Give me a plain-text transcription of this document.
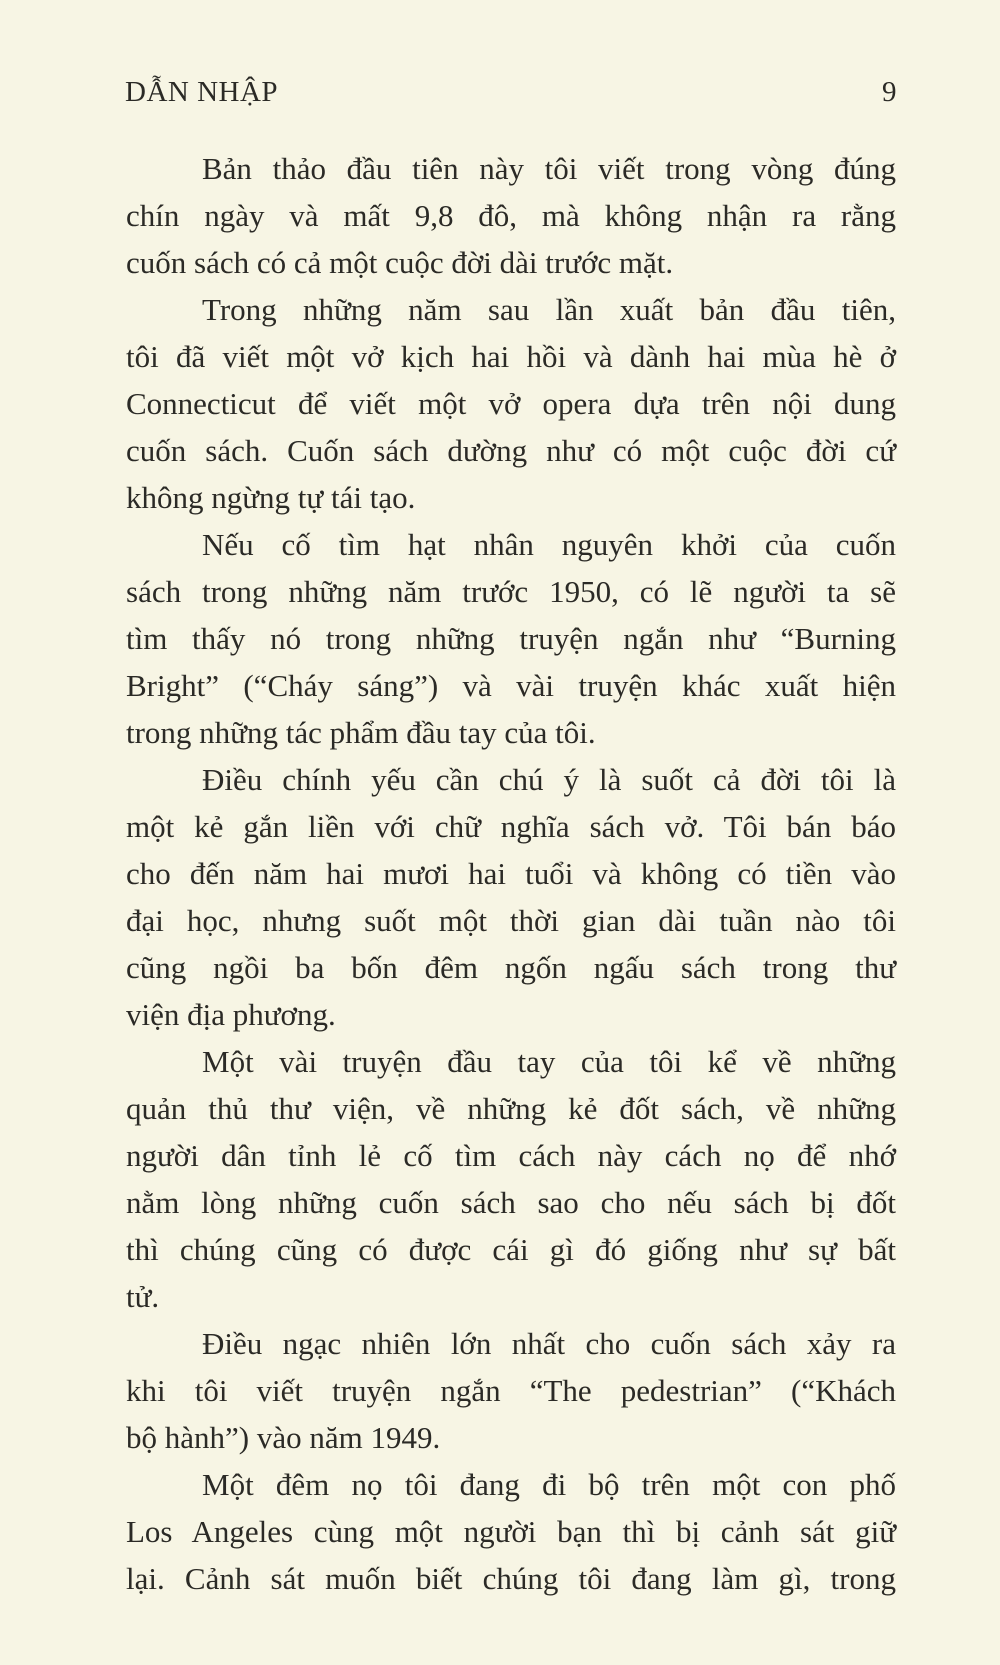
DẪN NHẬP	9
Bản thảo đầu tiên này tôi viết trong vòng đúng
chín ngày và mất 9,8 đô, mà không nhận ra rằng
cuốn sách có cả một cuộc đời dài trước mặt.
Trong những năm sau lần xuất bản đầu tiên,
tôi đã viết một vở kịch hai hồi và dành hai mùa hè ở
Connecticut để viết một vở opera dựa trên nội dung
cuốn sách. Cuốn sách dường như có một cuộc đời cứ
không ngừng tự tái tạo.
Nếu cố tìm hạt nhân nguyên khởi của cuốn
sách trong những năm trước 1950, có lẽ người ta sẽ
tìm thấy nó trong những truyện ngắn như “Burning
Bright” (“Cháy sáng”) và vài truyện khác xuất hiện
trong những tác phẩm đầu tay của tôi.
Điều chính yếu cần chú ý là suốt cả đời tôi là
một kẻ gắn liền với chữ nghĩa sách vở. Tôi bán báo
cho đến năm hai mươi hai tuổi và không có tiền vào
đại học, nhưng suốt một thời gian dài tuần nào tôi
cũng ngồi ba bốn đêm ngốn ngấu sách trong thư
viện địa phương.
Một vài truyện đầu tay của tôi kể về những
quản thủ thư viện, về những kẻ đốt sách, về những
người dân tỉnh lẻ cố tìm cách này cách nọ để nhớ
nằm lòng những cuốn sách sao cho nếu sách bị đốt
thì chúng cũng có được cái gì đó giống như sự bất
tử.
Điều ngạc nhiên lớn nhất cho cuốn sách xảy ra
khi tôi viết truyện ngắn “The pedestrian” (“Khách
bộ hành”) vào năm 1949.
Một đêm nọ tôi đang đi bộ trên một con phố
Los Angeles cùng một người bạn thì bị cảnh sát giữ
lại. Cảnh sát muốn biết chúng tôi đang làm gì, trong
